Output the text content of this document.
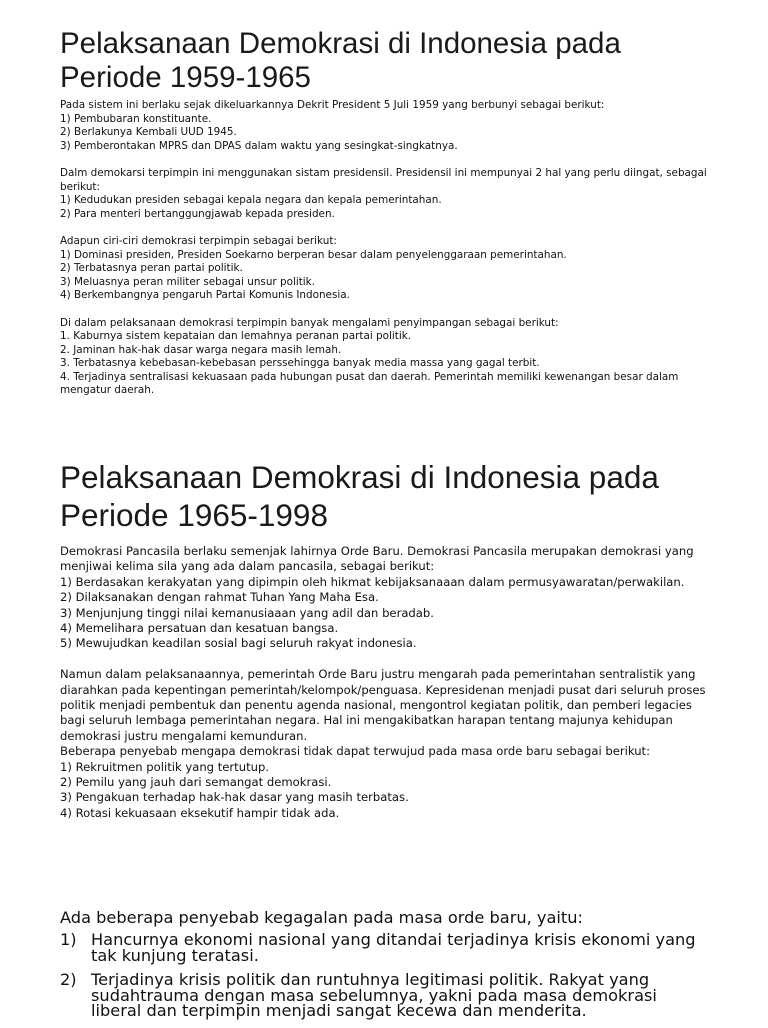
Pelaksanaan Demokrasi di Indonesia pada Periode 1959-1965
Pada sistem ini berlaku sejak dikeluarkannya Dekrit President 5 Juli 1959 yang berbunyi sebagai berikut:
1) Pembubaran konstituante.
2) Berlakunya Kembali UUD 1945.
3) Pemberontakan MPRS dan DPAS dalam waktu yang sesingkat-singkatnya.
Dalm demokarsi terpimpin ini menggunakan sistam presidensil. Presidensil ini mempunyai 2 hal yang perlu diingat, sebagai berikut:
1) Kedudukan presiden sebagai kepala negara dan kepala pemerintahan.
2) Para menteri bertanggungjawab kepada presiden.
Adapun ciri-ciri demokrasi terpimpin sebagai berikut:
1) Dominasi presiden, Presiden Soekarno berperan besar dalam penyelenggaraan pemerintahan.
2) Terbatasnya peran partai politik.
3) Meluasnya peran militer sebagai unsur politik.
4) Berkembangnya pengaruh Partai Komunis Indonesia.
Di dalam pelaksanaan demokrasi terpimpin banyak mengalami penyimpangan sebagai berikut:
1. Kaburnya sistem kepataian dan lemahnya peranan partai politik.
2. Jaminan hak-hak dasar warga negara masih lemah.
3. Terbatasnya kebebasan-kebebasan perssehingga banyak media massa yang gagal terbit.
4. Terjadinya sentralisasi kekuasaan pada hubungan pusat dan daerah. Pemerintah memiliki kewenangan besar dalam mengatur daerah.
Pelaksanaan Demokrasi di Indonesia pada Periode 1965-1998
Demokrasi Pancasila berlaku semenjak lahirnya Orde Baru. Demokrasi Pancasila merupakan demokrasi yang menjiwai kelima sila yang ada dalam pancasila, sebagai berikut:
1) Berdasakan kerakyatan yang dipimpin oleh hikmat kebijaksanaaan dalam permusyawaratan/perwakilan.
2) Dilaksanakan dengan rahmat Tuhan Yang Maha Esa.
3) Menjunjung tinggi nilai kemanusiaaan yang adil dan beradab.
4) Memelihara persatuan dan kesatuan bangsa.
5) Mewujudkan keadilan sosial bagi seluruh rakyat indonesia.
Namun dalam pelaksanaannya, pemerintah Orde Baru justru mengarah pada pemerintahan sentralistik yang diarahkan pada kepentingan pemerintah/kelompok/penguasa. Kepresidenan menjadi pusat dari seluruh proses politik menjadi pembentuk dan penentu agenda nasional, mengontrol kegiatan politik, dan pemberi legacies bagi seluruh lembaga pemerintahan negara. Hal ini mengakibatkan harapan tentang majunya kehidupan demokrasi justru mengalami kemunduran.
Beberapa penyebab mengapa demokrasi tidak dapat terwujud pada masa orde baru sebagai berikut:
1) Rekruitmen politik yang tertutup.
2) Pemilu yang jauh dari semangat demokrasi.
3) Pengakuan terhadap hak-hak dasar yang masih terbatas.
4) Rotasi kekuasaan eksekutif hampir tidak ada.

Ada beberapa penyebab kegagalan pada masa orde baru, yaitu:

1) Hancurnya ekonomi nasional yang ditandai terjadinya krisis ekonomi yang tak kunjung teratasi.
2) Terjadinya krisis politik dan runtuhnya legitimasi politik. Rakyat yang sudahtrauma dengan masa sebelumnya, yakni pada masa demokrasi liberal dan terpimpin menjadi sangat kecewa dan menderita.
